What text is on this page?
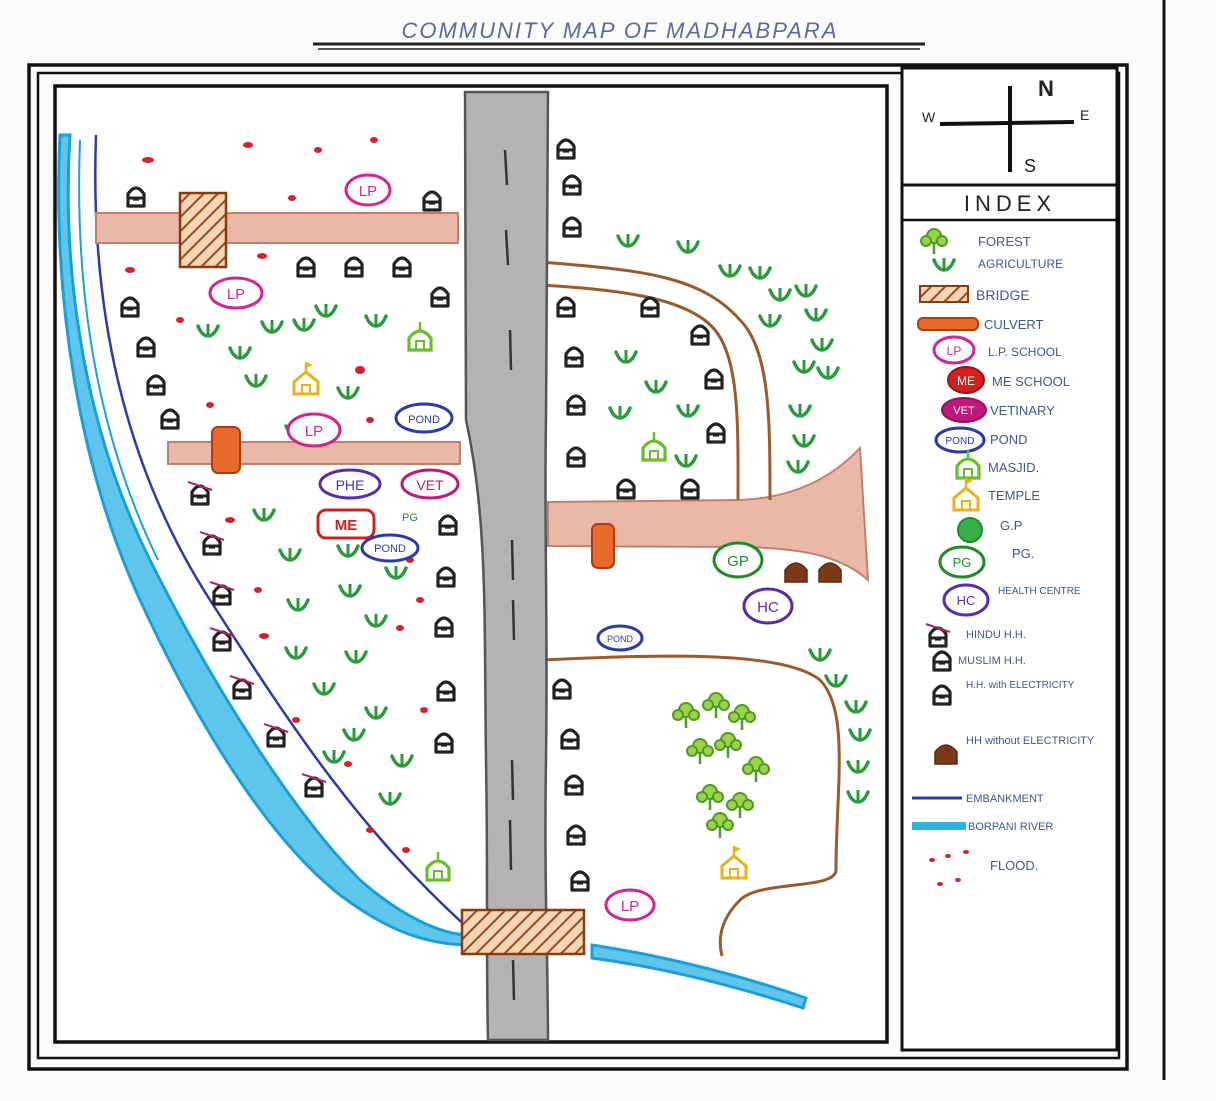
COMMUNITY MAP OF MADHABPARA
LP
LP
LP
POND
PHE	VET
ME	PG
POND
GP
HC
POND
LP
N
S
E
W
INDEX
FOREST
AGRICULTURE
BRIDGE
CULVERT
LP L.P. SCHOOL
ME ME SCHOOL
VET VETINARY
POND POND
MASJID.
TEMPLE
G.P
PG
PG.
HC
HEALTH CENTRE
HINDU H.H.
MUSLIM H.H.
H.H. with ELECTRICITY
HH without ELECTRICITY
EMBANKMENT
BORPANI RIVER
FLOOD.
